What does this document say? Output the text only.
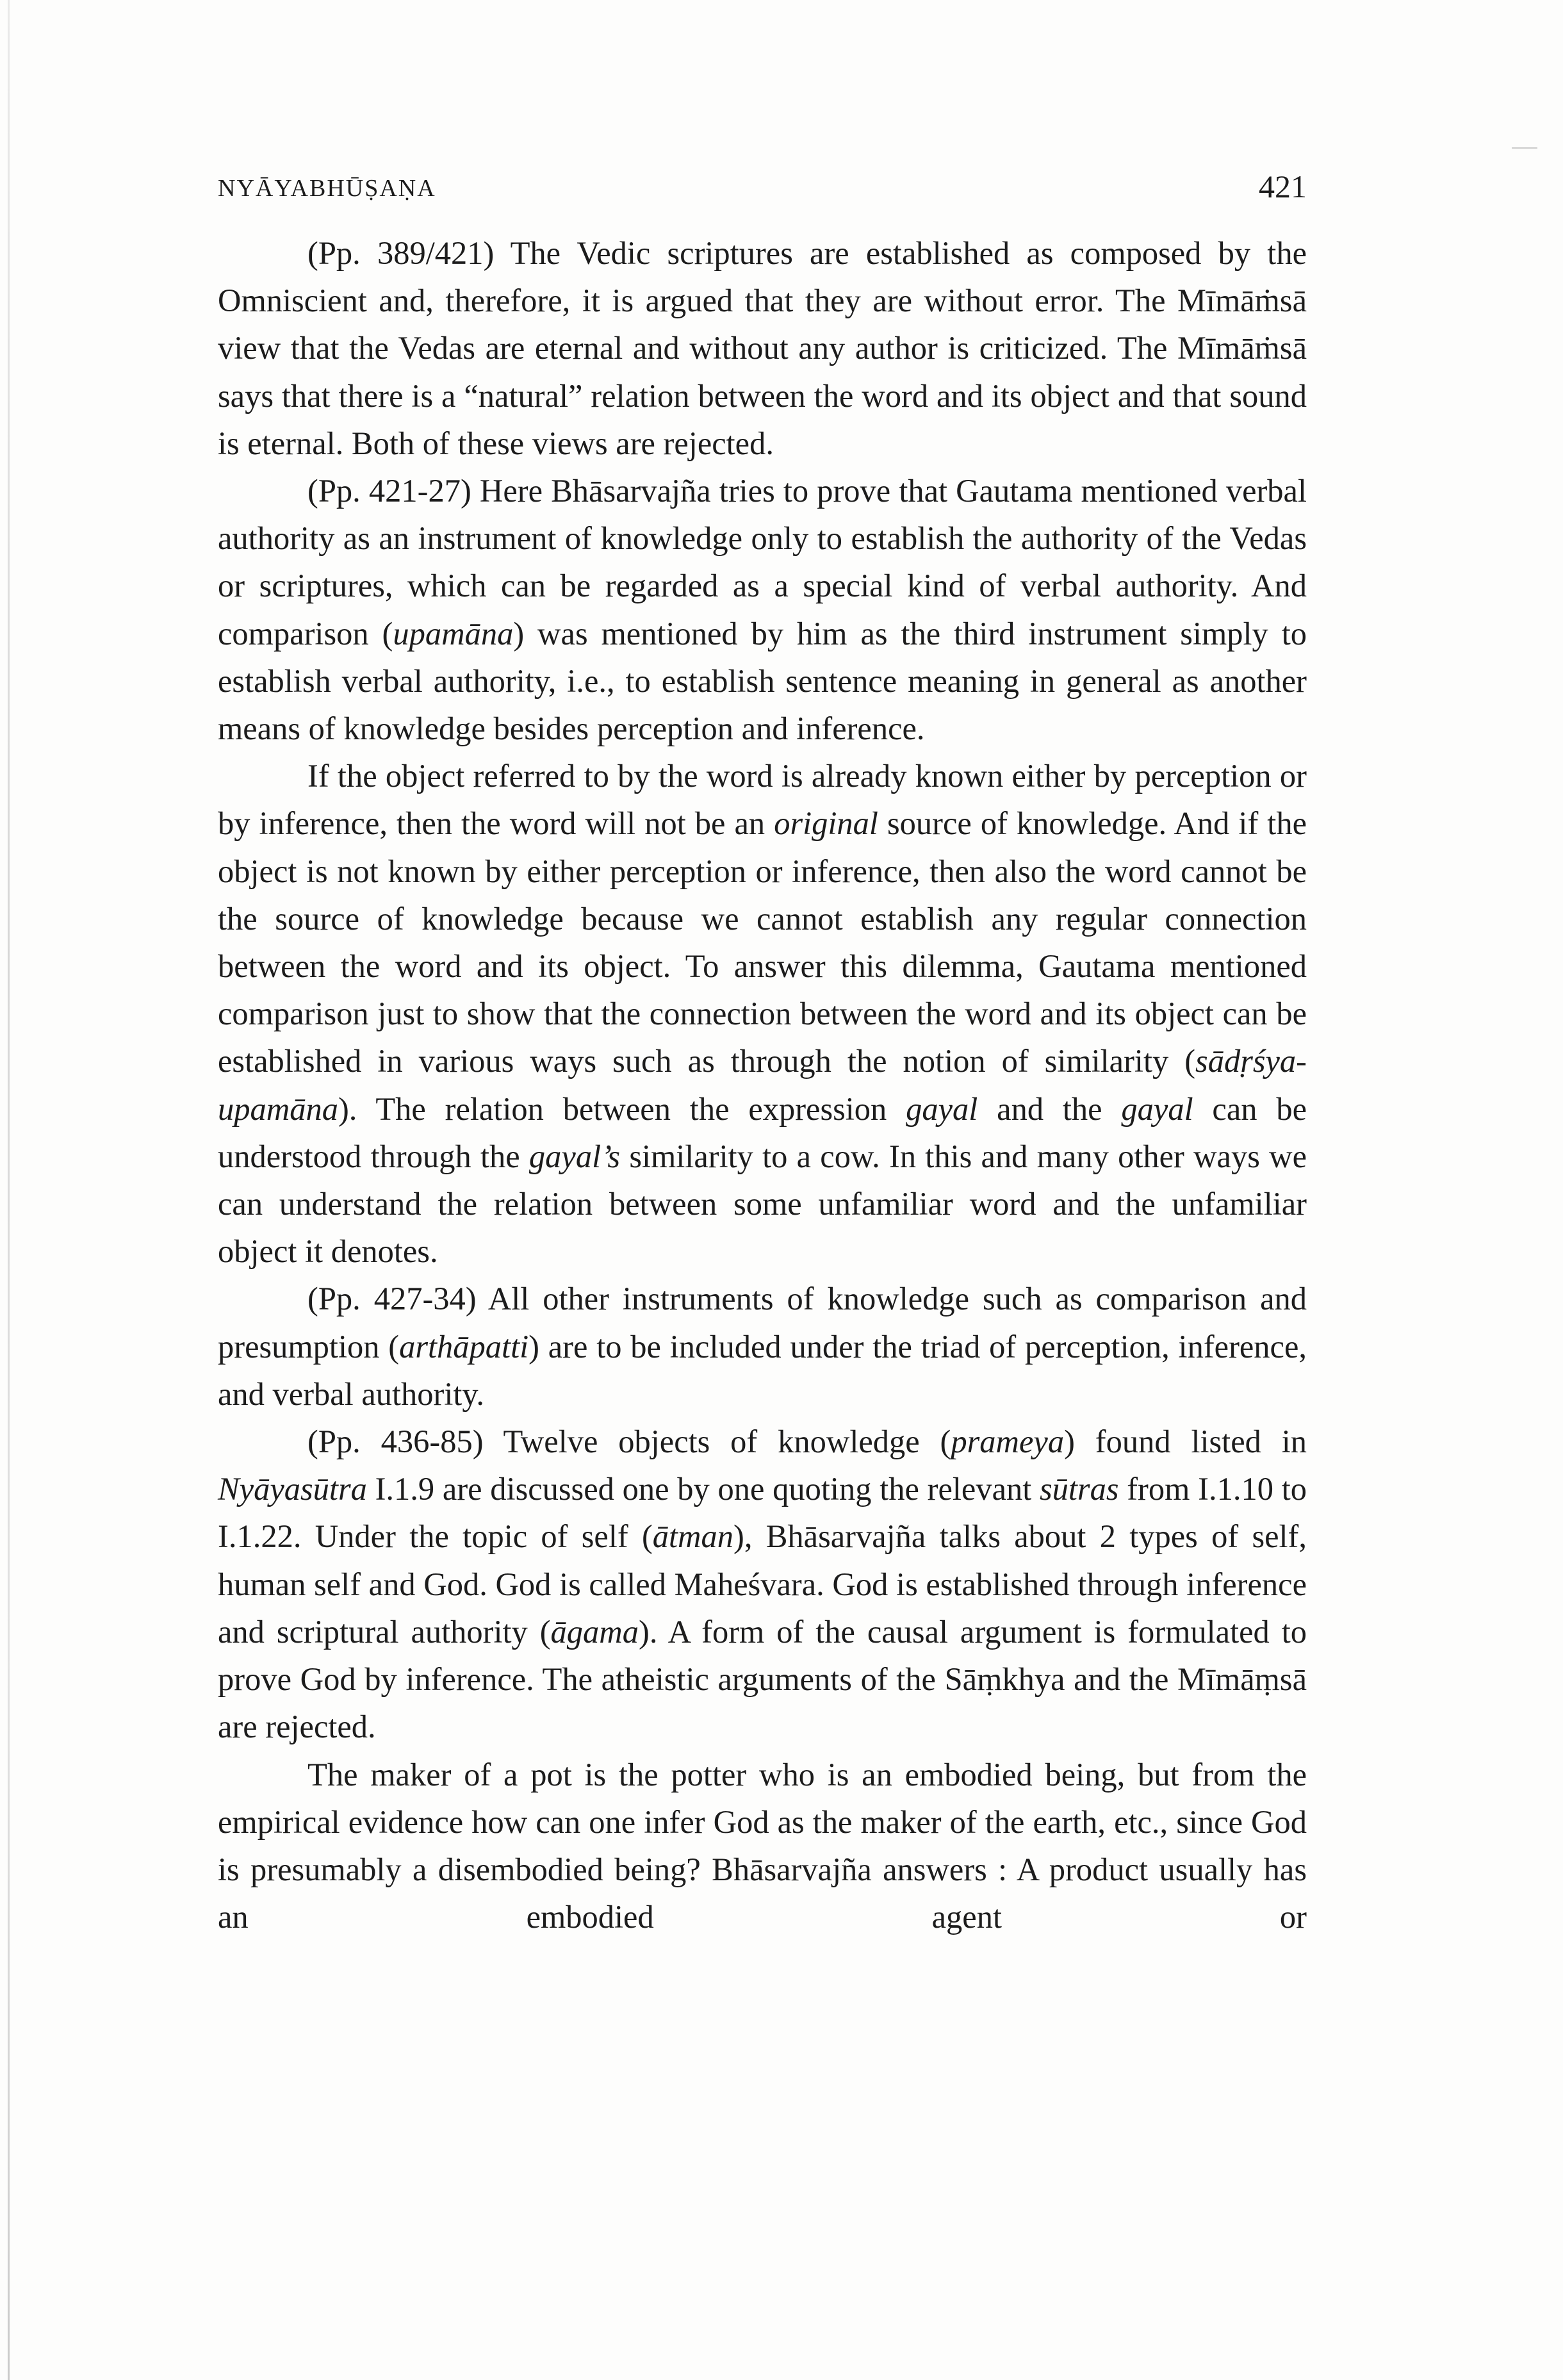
NYĀYABHŪṢAṆA	421

(Pp. 389/421) The Vedic scriptures are established as composed by the Omniscient and, therefore, it is argued that they are without error. The Mīmāṁsā view that the Vedas are eternal and without any author is criticized. The Mīmāṁsā says that there is a “natural” relation between the word and its object and that sound is eternal. Both of these views are rejected.

(Pp. 421-27) Here Bhāsarvajña tries to prove that Gautama mentioned verbal authority as an instrument of knowledge only to establish the authority of the Vedas or scriptures, which can be regarded as a special kind of verbal authority. And comparison (upamāna) was mentioned by him as the third instrument simply to establish verbal authority, i.e., to establish sentence meaning in general as another means of knowledge besides perception and inference.

If the object referred to by the word is already known either by perception or by inference, then the word will not be an original source of knowledge. And if the object is not known by either perception or inference, then also the word cannot be the source of knowledge because we cannot establish any regular connection between the word and its object. To answer this dilemma, Gautama mentioned comparison just to show that the connection between the word and its object can be established in various ways such as through the notion of similarity (sādṛśya-upamāna). The relation between the expression gayal and the gayal can be understood through the gayal’s similarity to a cow. In this and many other ways we can understand the relation between some unfamiliar word and the unfamiliar object it denotes.

(Pp. 427-34) All other instruments of knowledge such as comparison and presumption (arthāpatti) are to be included under the triad of perception, inference, and verbal authority.

(Pp. 436-85) Twelve objects of knowledge (prameya) found listed in Nyāyasūtra I.1.9 are discussed one by one quoting the relevant sūtras from I.1.10 to I.1.22. Under the topic of self (ātman), Bhāsarvajña talks about 2 types of self, human self and God. God is called Maheśvara. God is established through inference and scriptural authority (āgama). A form of the causal argument is formulated to prove God by inference. The atheistic arguments of the Sāṃkhya and the Mīmāṃsā are rejected.

The maker of a pot is the potter who is an embodied being, but from the empirical evidence how can one infer God as the maker of the earth, etc., since God is presumably a disembodied being? Bhāsarvajña answers : A product usually has an embodied agent or
